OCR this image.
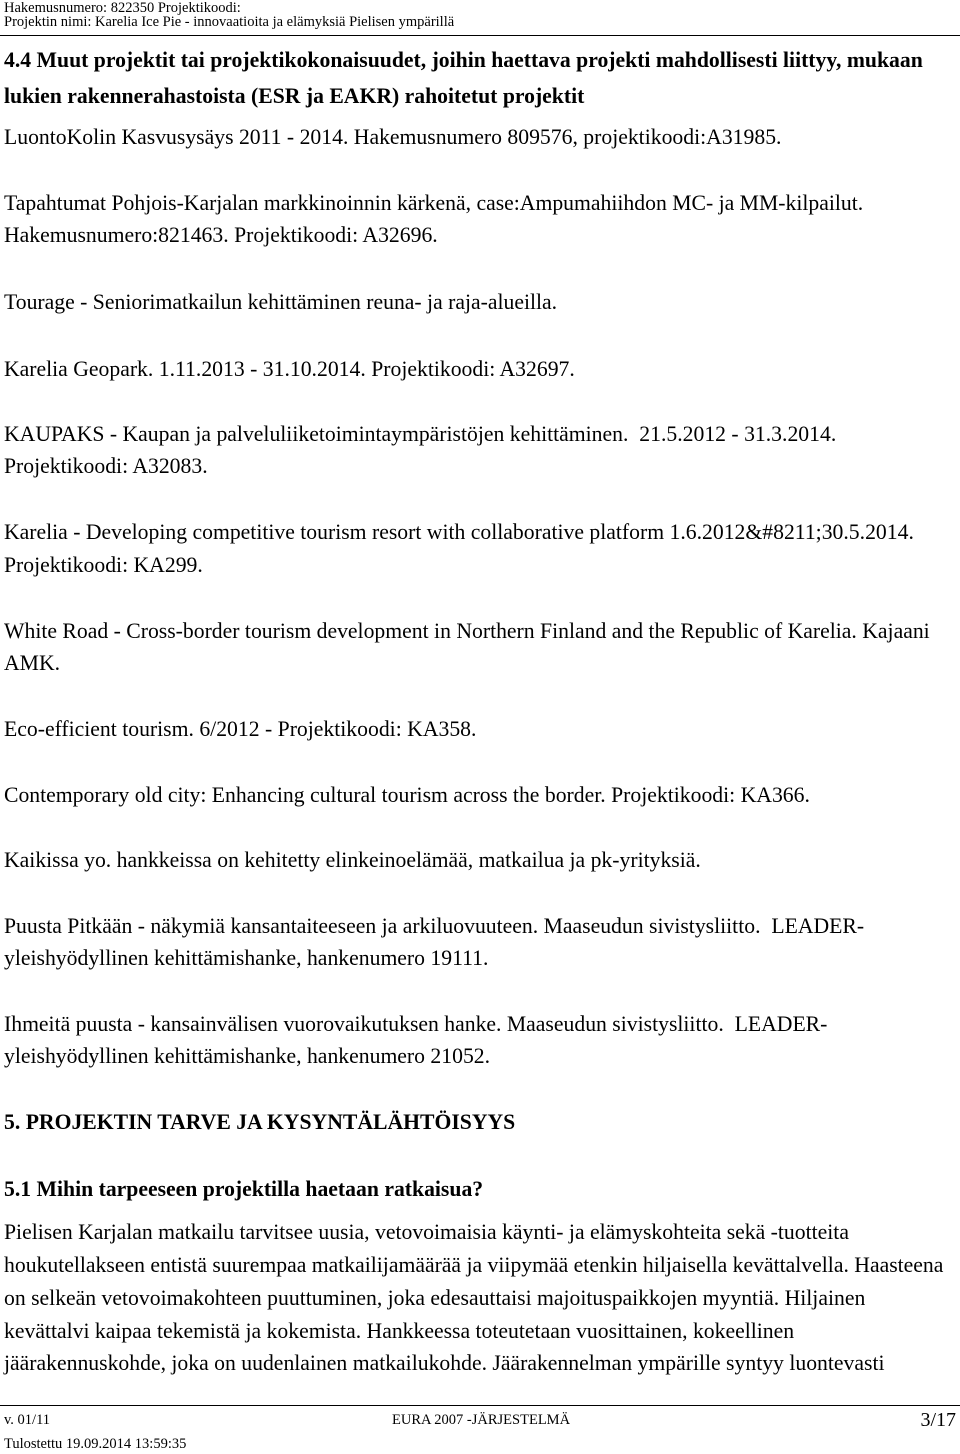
Hakemusnumero: 822350 Projektikoodi:
Projektin nimi: Karelia Ice Pie - innovaatioita ja elämyksiä Pielisen ympärillä
4.4 Muut projektit tai projektikokonaisuudet, joihin haettava projekti mahdollisesti liittyy, mukaan
lukien rakennerahastoista (ESR ja EAKR) rahoitetut projektit
LuontoKolin Kasvusysäys 2011 - 2014. Hakemusnumero 809576, projektikoodi:A31985.
Tapahtumat Pohjois-Karjalan markkinoinnin kärkenä, case:Ampumahiihdon MC- ja MM-kilpailut.
Hakemusnumero:821463. Projektikoodi: A32696.
Tourage - Seniorimatkailun kehittäminen reuna- ja raja-alueilla.
Karelia Geopark. 1.11.2013 - 31.10.2014. Projektikoodi: A32697.
KAUPAKS - Kaupan ja palveluliiketoimintaympäristöjen kehittäminen.  21.5.2012 - 31.3.2014.
Projektikoodi: A32083.
Karelia - Developing competitive tourism resort with collaborative platform 1.6.2012&#8211;30.5.2014.
Projektikoodi: KA299.
White Road - Cross-border tourism development in Northern Finland and the Republic of Karelia. Kajaani
AMK.
Eco-efficient tourism. 6/2012 - Projektikoodi: KA358.
Contemporary old city: Enhancing cultural tourism across the border. Projektikoodi: KA366.
Kaikissa yo. hankkeissa on kehitetty elinkeinoelämää, matkailua ja pk-yrityksiä.
Puusta Pitkään - näkymiä kansantaiteeseen ja arkiluovuuteen. Maaseudun sivistysliitto.  LEADER-
yleishyödyllinen kehittämishanke, hankenumero 19111.
Ihmeitä puusta - kansainvälisen vuorovaikutuksen hanke. Maaseudun sivistysliitto.  LEADER-
yleishyödyllinen kehittämishanke, hankenumero 21052.
5. PROJEKTIN TARVE JA KYSYNTÄLÄHTÖISYYS
5.1 Mihin tarpeeseen projektilla haetaan ratkaisua?
Pielisen Karjalan matkailu tarvitsee uusia, vetovoimaisia käynti- ja elämyskohteita sekä -tuotteita
houkutellakseen entistä suurempaa matkailijamäärää ja viipymää etenkin hiljaisella kevättalvella. Haasteena
on selkeän vetovoimakohteen puuttuminen, joka edesauttaisi majoituspaikkojen myyntiä. Hiljainen
kevättalvi kaipaa tekemistä ja kokemista. Hankkeessa toteutetaan vuosittainen, kokeellinen
jäärakennuskohde, joka on uudenlainen matkailukohde. Jäärakennelman ympärille syntyy luontevasti
v. 01/11	EURA 2007 -JÄRJESTELMÄ	3/17
Tulostettu 19.09.2014 13:59:35
